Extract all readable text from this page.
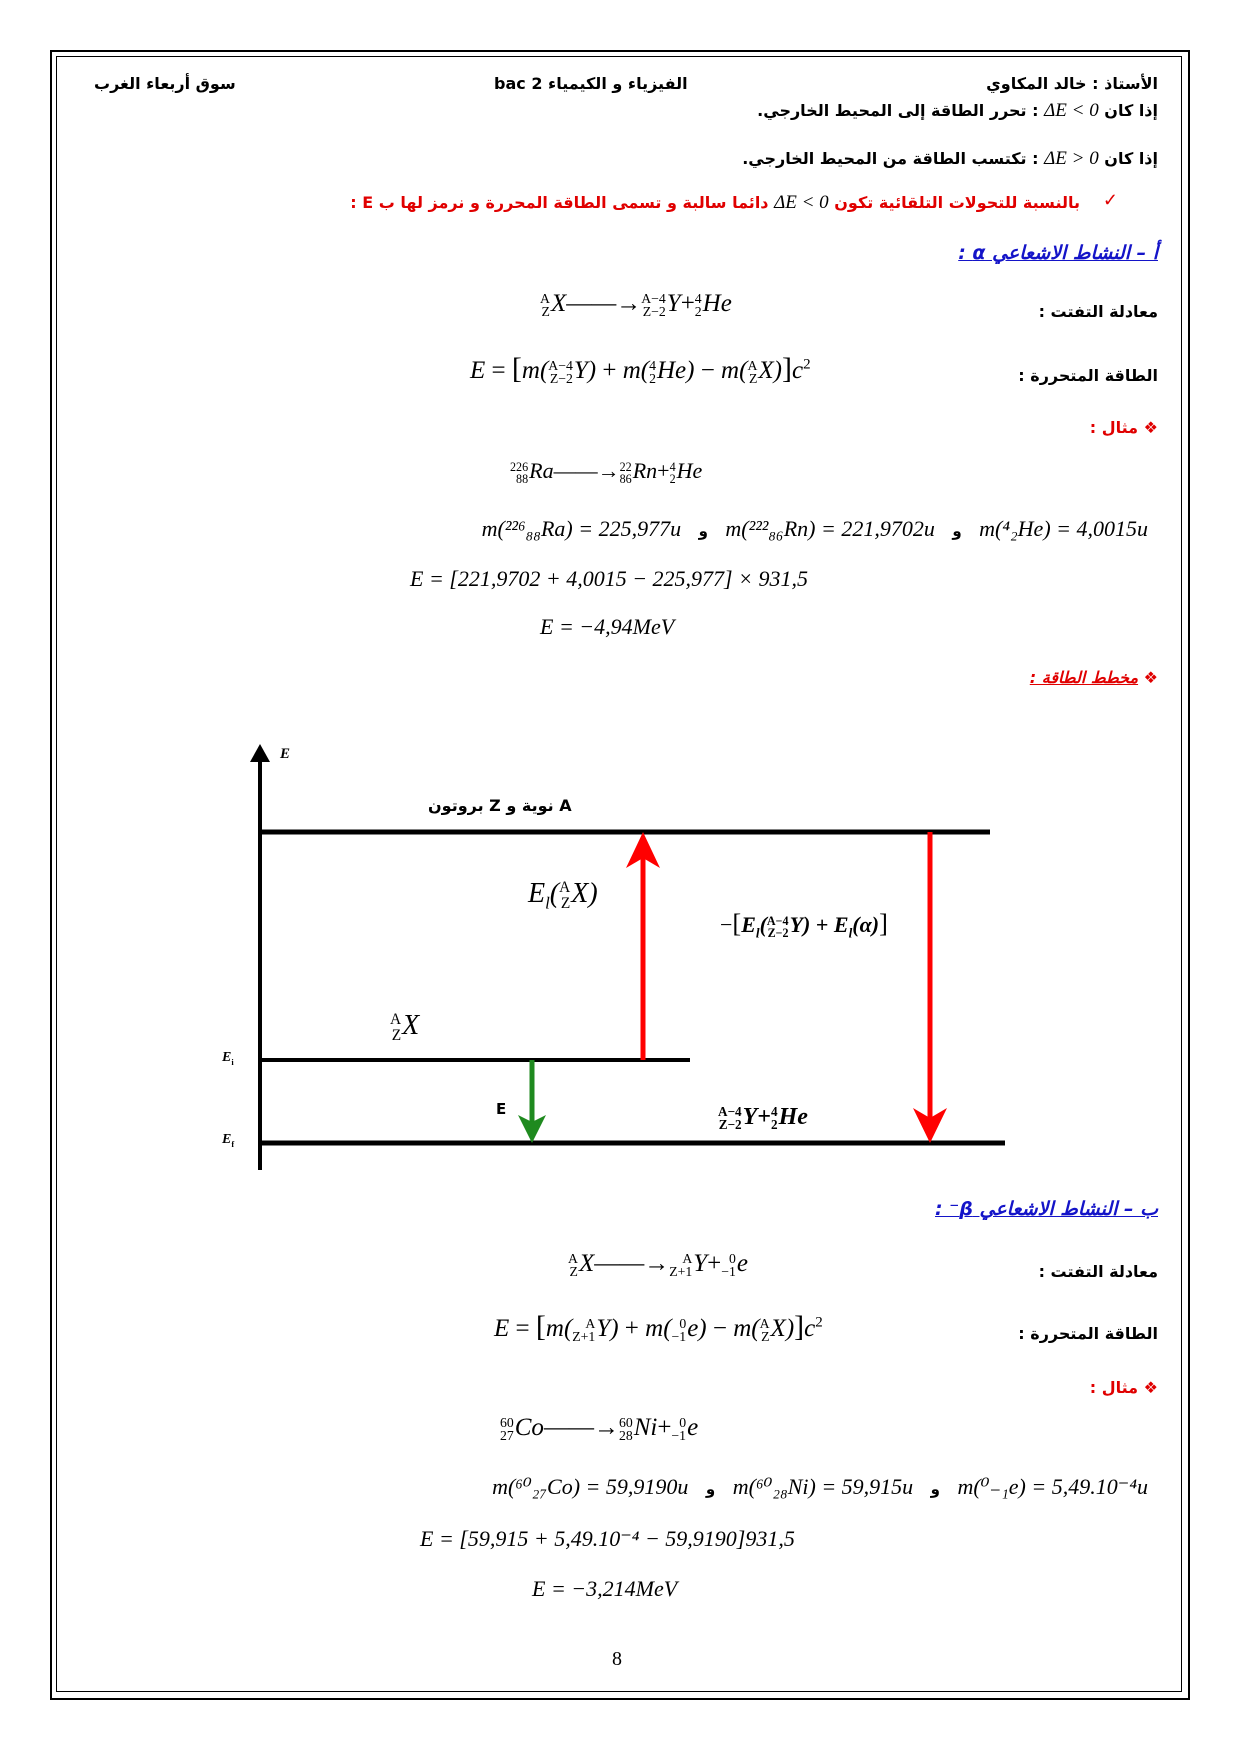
الأستاذ : خالد المكاوي
الفيزياء و الكيمياء 2 bac
سوق أربعاء الغرب
إذا كان ΔE < 0 : تحرر الطاقة إلى المحيط الخارجي.
إذا كان ΔE > 0 : تكتسب الطاقة من المحيط الخارجي.
بالنسبة للتحولات التلقائية تكون ΔE < 0 دائما سالبة و تسمى الطاقة المحررة و نرمز لها ب E :	✓
أ – النشاط الاشعاعي α :
معادلة التفتت :
A
Z X——→ A−4
Z−2 Y+ 4
2 He
الطاقة المتحررة :
E = [m( A−4
Z−2 Y) + m( 4
2 He) − m( A
Z $X)]c^2$
❖ مثال :
226
88 Ra——→ 22
86 Rn+ 4
2 He
m(²²⁶₈₈Ra) = 225,977u و m(²²²₈₆Rn) = 221,9702u و m(⁴₂He) = 4,0015u
E = [221,9702 + 4,0015 − 225,977] × 931,5
E = −4,94MeV
❖ مخطط الطاقة :
E
A نوية و Z بروتون
$E_l$( A
Z X)
$-[E_l$( A−4
Z−2 $Y) + E_l(\alpha)$]
A
Z X
$E_i$
$E_f$
E	A−4
Z−2 Y+ 4
2 He
ب – النشاط الاشعاعي β⁻ :
معادلة التفتت :
A
Z X——→ A
Z+1 Y+ 0
−1 e
الطاقة المتحررة :
E = [m( A
Z+1 Y) + m( 0
−1 e) − m( A
Z $X)]c^2$
❖ مثال :
60
27 Co——→ 60
28 Ni+ 0
−1 e
m(⁶⁰₂₇Co) = 59,9190u و m(⁶⁰₂₈Ni) = 59,915u و m(⁰₋₁e) = 5,49.10⁻⁴u
E = [59,915 + 5,49.10⁻⁴ − 59,9190]931,5
E = −3,214MeV
8
